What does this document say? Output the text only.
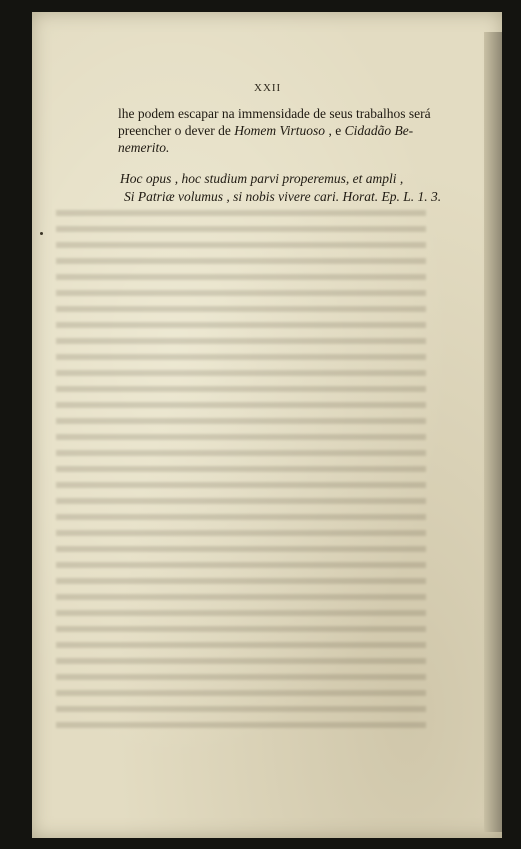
XXII
lhe podem escapar na immensidade de seus trabalhos será
preencher o dever de Homem Virtuoso , e Cidadão Be-
nemerito.
Hoc opus , hoc studium parvi properemus, et ampli ,
Si Patriæ volumus , si nobis vivere cari. Horat. Ep. L. 1. 3.
